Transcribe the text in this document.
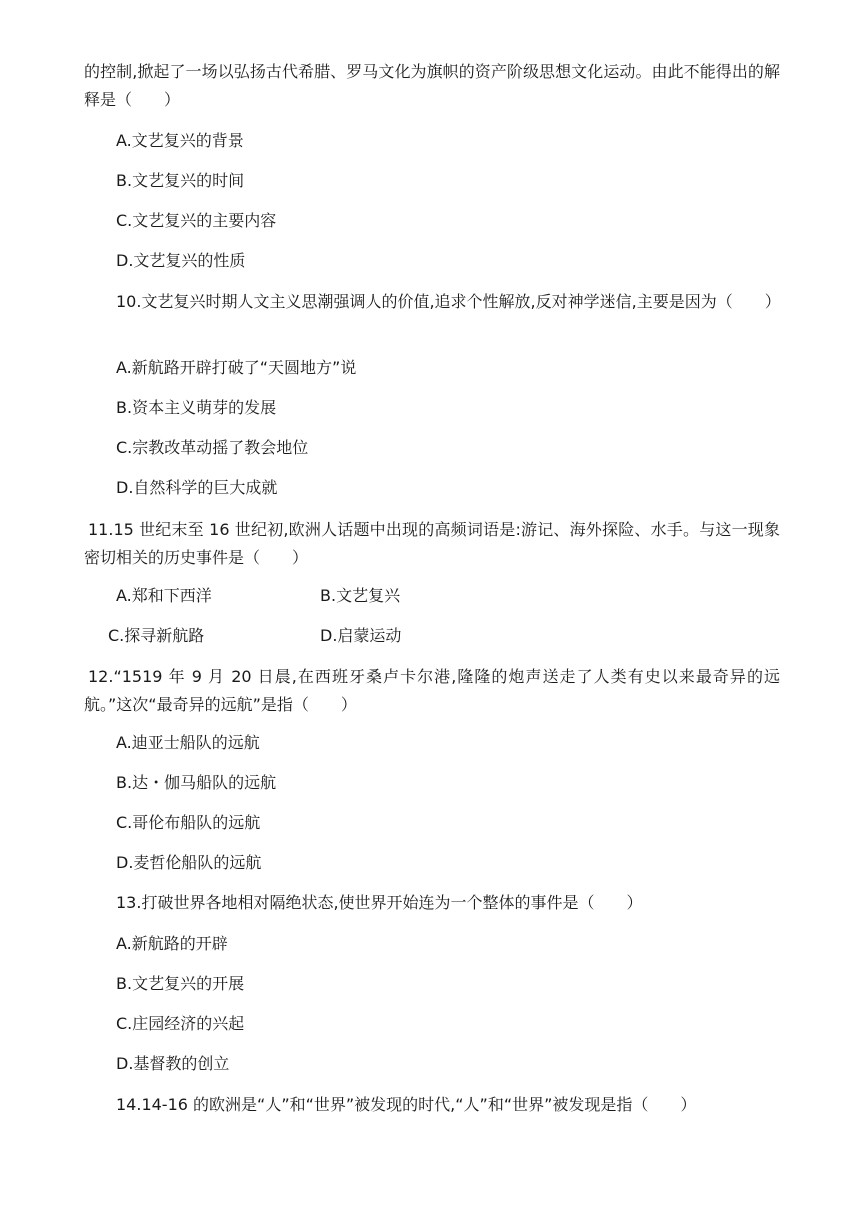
的控制,掀起了一场以弘扬古代希腊、罗马文化为旗帜的资产阶级思想文化运动。由此不能得出的解释是（　　）
A.文艺复兴的背景
B.文艺复兴的时间
C.文艺复兴的主要内容
D.文艺复兴的性质
10.文艺复兴时期人文主义思潮强调人的价值,追求个性解放,反对神学迷信,主要是因为（　　）
A.新航路开辟打破了“天圆地方”说
B.资本主义萌芽的发展
C.宗教改革动摇了教会地位
D.自然科学的巨大成就
11.15 世纪末至 16 世纪初,欧洲人话题中出现的高频词语是:游记、海外探险、水手。与这一现象密切相关的历史事件是（　　）
A.郑和下西洋	B.文艺复兴
C.探寻新航路	D.启蒙运动
12.“1519 年 9 月 20 日晨,在西班牙桑卢卡尔港,隆隆的炮声送走了人类有史以来最奇异的远航。”这次“最奇异的远航”是指（　　）
A.迪亚士船队的远航
B.达・伽马船队的远航
C.哥伦布船队的远航
D.麦哲伦船队的远航
13.打破世界各地相对隔绝状态,使世界开始连为一个整体的事件是（　　）
A.新航路的开辟
B.文艺复兴的开展
C.庄园经济的兴起
D.基督教的创立
14.14-16 的欧洲是“人”和“世界”被发现的时代,“人”和“世界”被发现是指（　　）
